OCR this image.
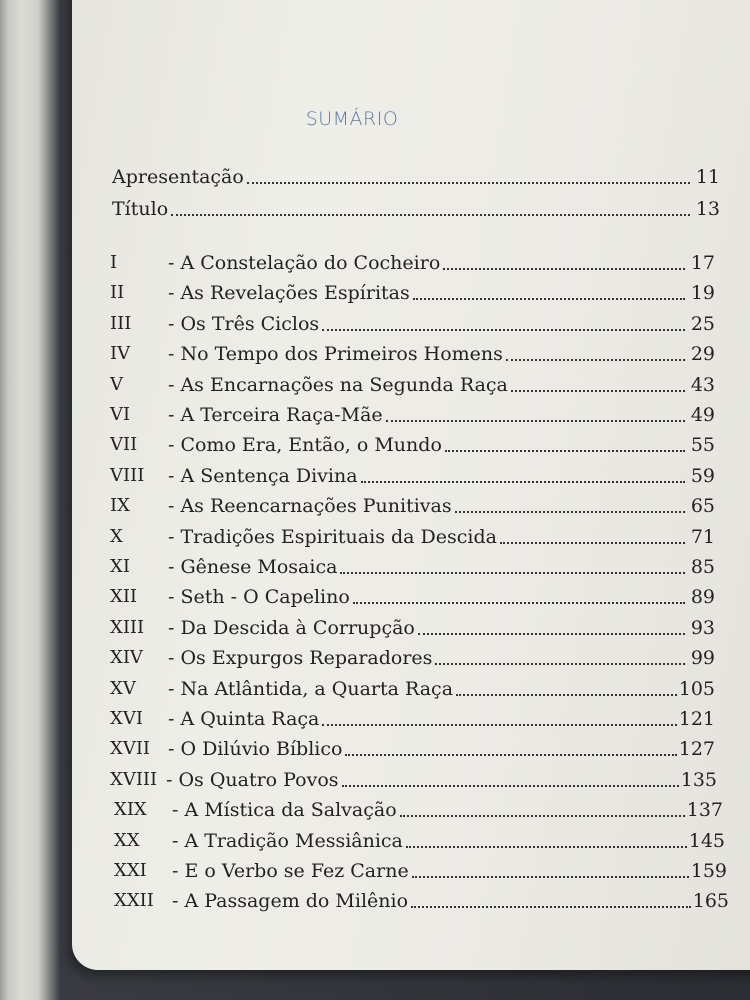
SUMÁRIO
Apresentação	11
Título	13
I	- A Constelação do Cocheiro	17
II	- As Revelações Espíritas	19
III	- Os Três Ciclos	25
IV	- No Tempo dos Primeiros Homens	29
V	- As Encarnações na Segunda Raça	43
VI	- A Terceira Raça-Mãe	49
VII	- Como Era, Então, o Mundo	55
VIII	- A Sentença Divina	59
IX	- As Reencarnações Punitivas	65
X	- Tradições Espirituais da Descida	71
XI	- Gênese Mosaica	85
XII	- Seth - O Capelino	89
XIII	- Da Descida à Corrupção	93
XIV	- Os Expurgos Reparadores	99
XV	- Na Atlântida, a Quarta Raça	105
XVI	- A Quinta Raça	121
XVII - O Dilúvio Bíblico	127
XVIII - Os Quatro Povos	135
XIX	- A Mística da Salvação	137
XX	- A Tradição Messiânica	145
XXI	- E o Verbo se Fez Carne	159
XXII - A Passagem do Milênio	165
